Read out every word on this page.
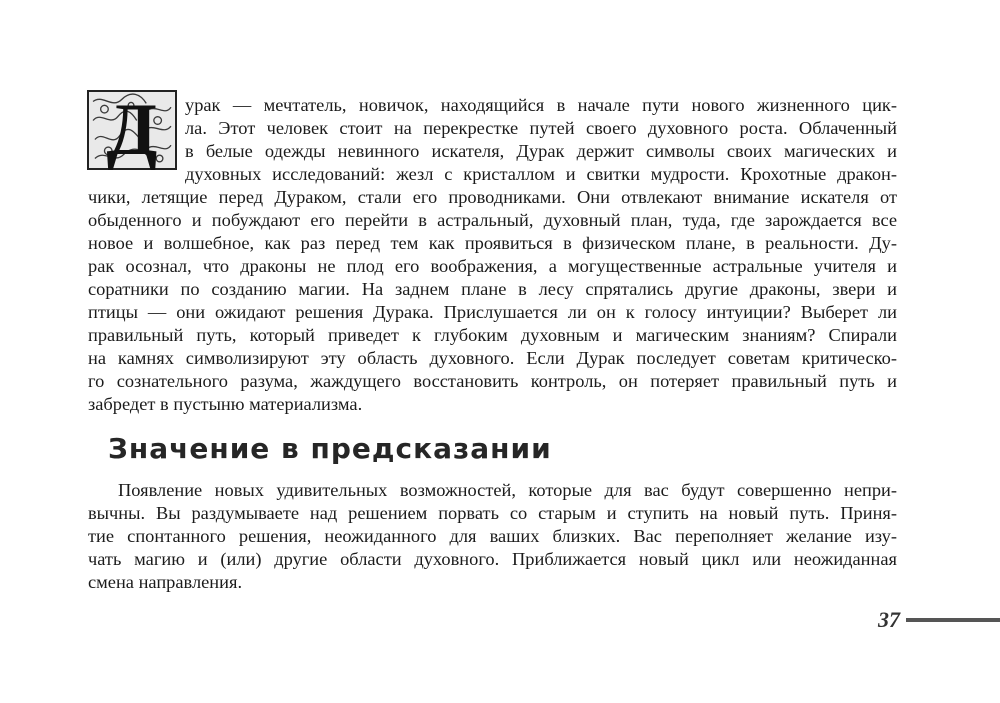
Д	урак — мечтатель, новичок, находящийся в начале пути нового жизненного цик-
ла. Этот человек стоит на перекрестке путей своего духовного роста. Облаченный
в белые одежды невинного искателя, Дурак держит символы своих магических и
духовных исследований: жезл с кристаллом и свитки мудрости. Крохотные дракон-
чики, летящие перед Дураком, стали его проводниками. Они отвлекают внимание искателя от
обыденного и побуждают его перейти в астральный, духовный план, туда, где зарождается все
новое и волшебное, как раз перед тем как проявиться в физическом плане, в реальности. Ду-
рак осознал, что драконы не плод его воображения, а могущественные астральные учителя и
соратники по созданию магии. На заднем плане в лесу спрятались другие драконы, звери и
птицы — они ожидают решения Дурака. Прислушается ли он к голосу интуиции? Выберет ли
правильный путь, который приведет к глубоким духовным и магическим знаниям? Спирали
на камнях символизируют эту область духовного. Если Дурак последует советам критическо-
го сознательного разума, жаждущего восстановить контроль, он потеряет правильный путь и
забредет в пустыню материализма.
Значение в предсказании
Появление новых удивительных возможностей, которые для вас будут совершенно непри-
вычны. Вы раздумываете над решением порвать со старым и ступить на новый путь. Приня-
тие спонтанного решения, неожиданного для ваших близких. Вас переполняет желание изу-
чать магию и (или) другие области духовного. Приближается новый цикл или неожиданная
смена направления.
37
